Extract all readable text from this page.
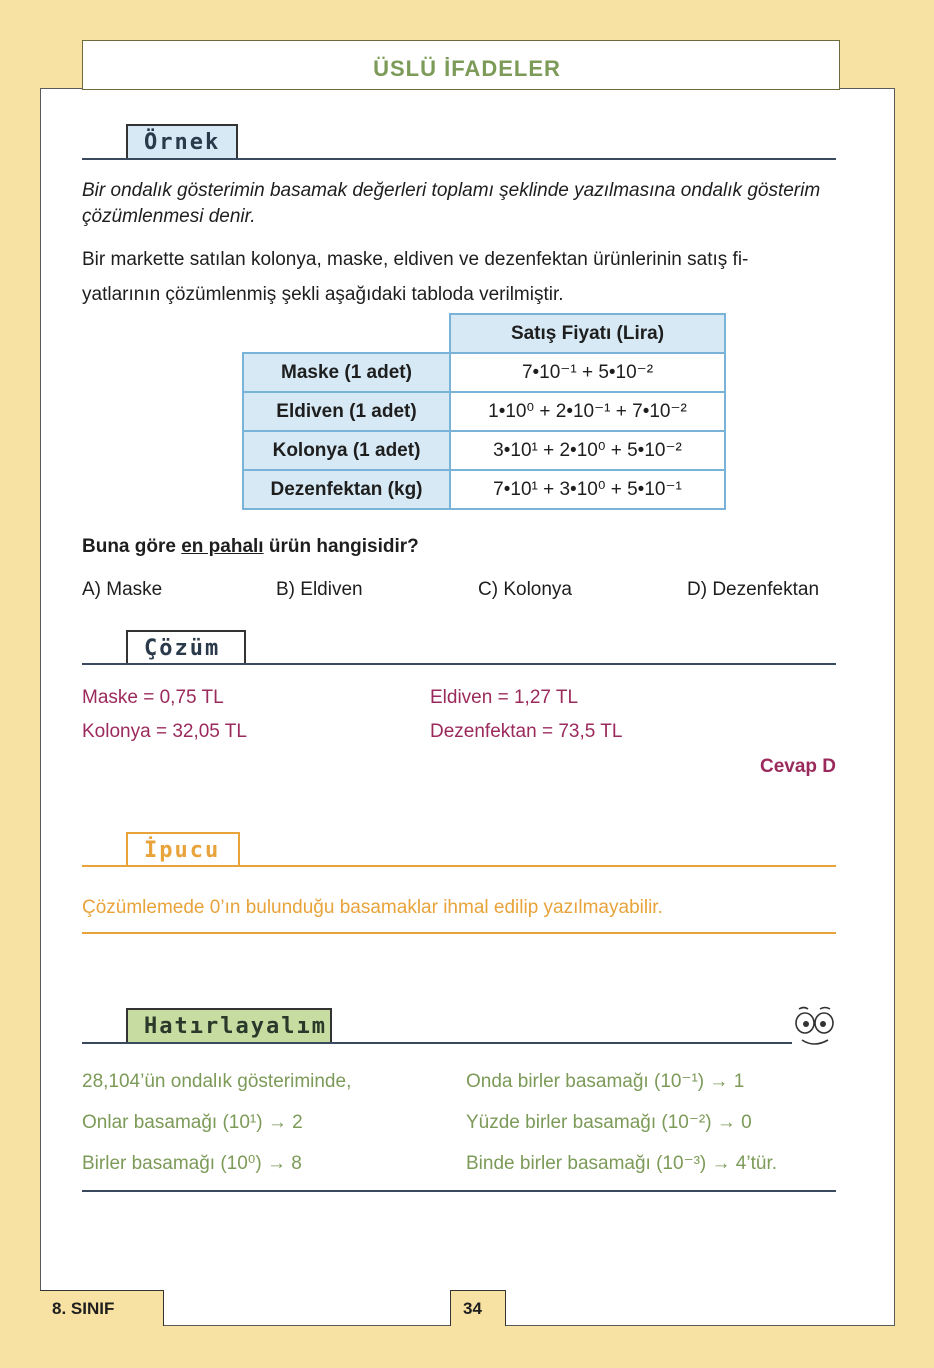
ÜSLÜ İFADELER
Örnek
Bir ondalık gösterimin basamak değerleri toplamı şeklinde yazılmasına ondalık gösterim çözümlenmesi denir.
Bir markette satılan kolonya, maske, eldiven ve dezenfektan ürünlerinin satış fi-
yatlarının çözümlenmiş şekli aşağıdaki tabloda verilmiştir.
	Satış Fiyatı (Lira)
Maske (1 adet)	7•10⁻¹ + 5•10⁻²
Eldiven (1 adet)	1•10⁰ + 2•10⁻¹ + 7•10⁻²
Kolonya (1 adet)	3•10¹ + 2•10⁰ + 5•10⁻²
Dezenfektan (kg)	7•10¹ + 3•10⁰ + 5•10⁻¹
Buna göre en pahalı ürün hangisidir?
A) Maske	B) Eldiven	C) Kolonya	D) Dezenfektan
Çözüm
Maske = 0,75 TL	Eldiven = 1,27 TL
Kolonya = 32,05 TL	Dezenfektan = 73,5 TL
Cevap D
İpucu
Çözümlemede 0’ın bulunduğu basamaklar ihmal edilip yazılmayabilir.
Hatırlayalım
28,104’ün ondalık gösteriminde,
Onlar basamağı (10¹) → 2
Birler basamağı (10⁰) → 8
Onda birler basamağı (10⁻¹) → 1
Yüzde birler basamağı (10⁻²) → 0
Binde birler basamağı (10⁻³) → 4’tür.
8. SINIF	34
